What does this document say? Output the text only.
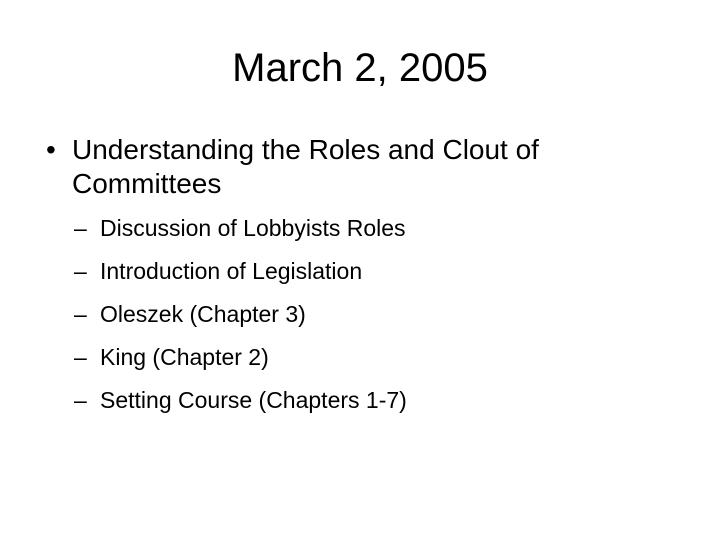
March 2, 2005
• Understanding the Roles and Clout of Committees
– Discussion of Lobbyists Roles
– Introduction of Legislation
– Oleszek (Chapter 3)
– King (Chapter 2)
– Setting Course (Chapters 1-7)
